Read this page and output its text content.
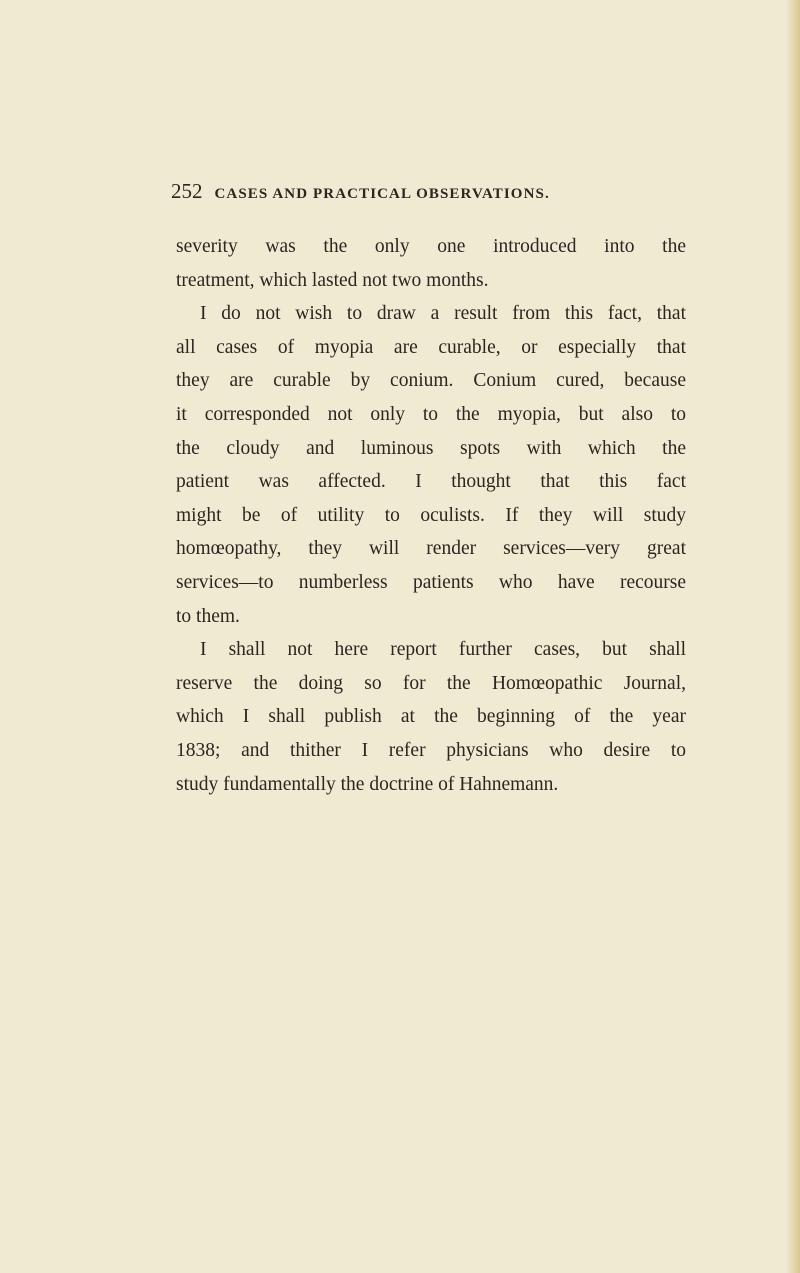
252 CASES AND PRACTICAL OBSERVATIONS.

severity was the only one introduced into the

treatment, which lasted not two months.

I do not wish to draw a result from this fact, that

all cases of myopia are curable, or especially that

they are curable by conium. Conium cured, because

it corresponded not only to the myopia, but also to

the cloudy and luminous spots with which the

patient was affected. I thought that this fact

might be of utility to oculists. If they will study

homœopathy, they will render services—very great

services—to numberless patients who have recourse

to them.

I shall not here report further cases, but shall

reserve the doing so for the Homœopathic Journal,

which I shall publish at the beginning of the year

1838; and thither I refer physicians who desire to

study fundamentally the doctrine of Hahnemann.
